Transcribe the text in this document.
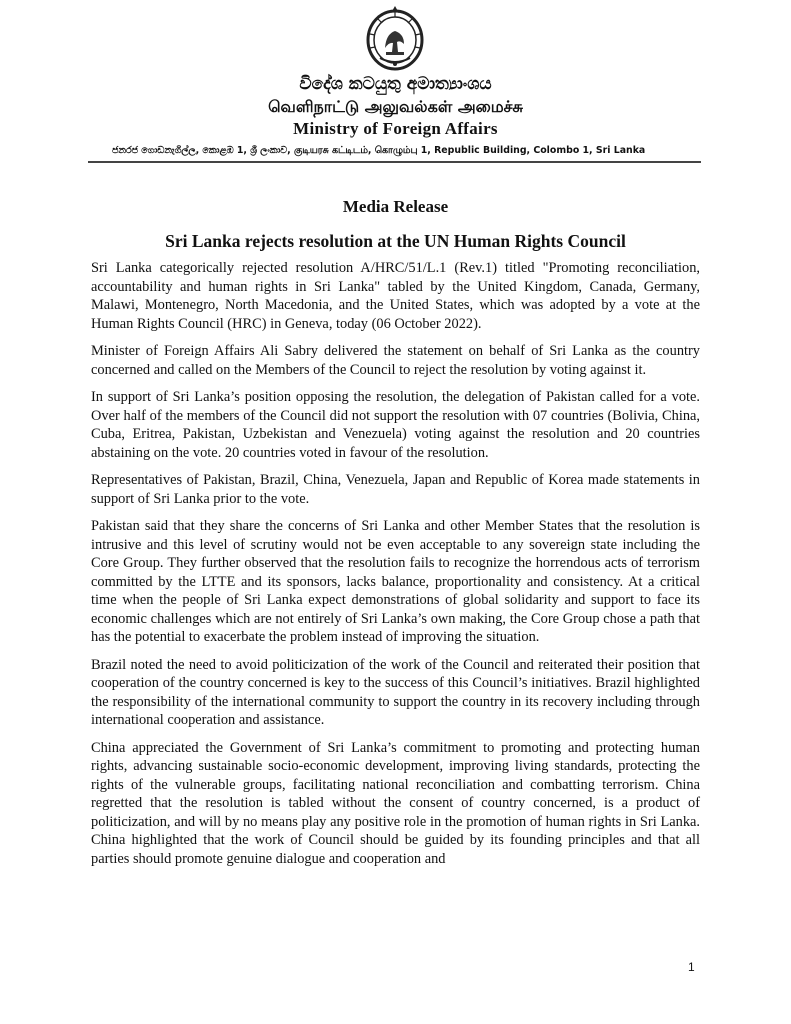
විදේශ කටයුතු අමාත්‍යාංශය
வெளிநாட்டு அலுவல்கள் அமைச்சு
Ministry of Foreign Affairs
ජනරජ ගොඩනැගිල්ල, කොළඹ 1, ශ්‍රී ලංකාව, குடியரசு கட்டிடம், கொழும்பு 1, Republic Building, Colombo 1, Sri Lanka
Media Release
Sri Lanka rejects resolution at the UN Human Rights Council

Sri Lanka categorically rejected resolution A/HRC/51/L.1 (Rev.1) titled "Promoting reconciliation, accountability and human rights in Sri Lanka" tabled by the United Kingdom, Canada, Germany, Malawi, Montenegro, North Macedonia, and the United States, which was adopted by a vote at the Human Rights Council (HRC) in Geneva, today (06 October 2022).

Minister of Foreign Affairs Ali Sabry delivered the statement on behalf of Sri Lanka as the country concerned and called on the Members of the Council to reject the resolution by voting against it.

In support of Sri Lanka’s position opposing the resolution, the delegation of Pakistan called for a vote. Over half of the members of the Council did not support the resolution with 07 countries (Bolivia, China, Cuba, Eritrea, Pakistan, Uzbekistan and Venezuela) voting against the resolution and 20 countries abstaining on the vote. 20 countries voted in favour of the resolution.

Representatives of Pakistan, Brazil, China, Venezuela, Japan and Republic of Korea made statements in support of Sri Lanka prior to the vote.

Pakistan said that they share the concerns of Sri Lanka and other Member States that the resolution is intrusive and this level of scrutiny would not be even acceptable to any sovereign state including the Core Group. They further observed that the resolution fails to recognize the horrendous acts of terrorism committed by the LTTE and its sponsors, lacks balance, proportionality and consistency. At a critical time when the people of Sri Lanka expect demonstrations of global solidarity and support to face its economic challenges which are not entirely of Sri Lanka’s own making, the Core Group chose a path that has the potential to exacerbate the problem instead of improving the situation.

Brazil noted the need to avoid politicization of the work of the Council and reiterated their position that cooperation of the country concerned is key to the success of this Council’s initiatives. Brazil highlighted the responsibility of the international community to support the country in its recovery including through international cooperation and assistance.

China appreciated the Government of Sri Lanka’s commitment to promoting and protecting human rights, advancing sustainable socio-economic development, improving living standards, protecting the rights of the vulnerable groups, facilitating national reconciliation and combatting terrorism. China regretted that the resolution is tabled without the consent of country concerned, is a product of politicization, and will by no means play any positive role in the promotion of human rights in Sri Lanka. China highlighted that the work of Council should be guided by its founding principles and that all parties should promote genuine dialogue and cooperation and

1
